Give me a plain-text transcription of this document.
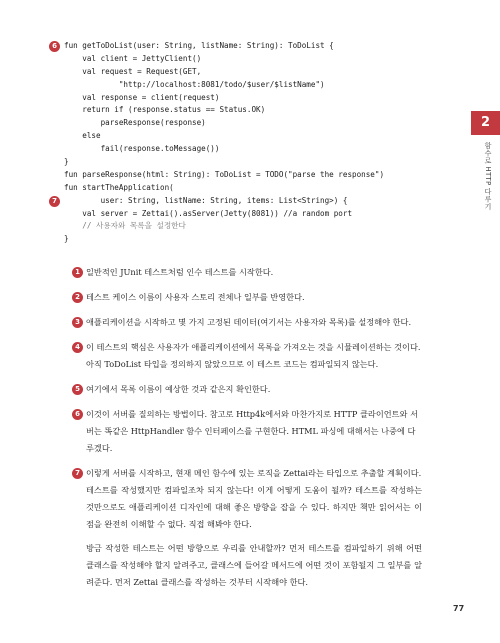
6
7
fun getToDoList(user: String, listName: String): ToDoList {
val client = JettyClient()
val request = Request(GET,
"http://localhost:8081/todo/$user/$listName")
val response = client(request)
return if (response.status == Status.OK)
parseResponse(response)
else
fail(response.toMessage())
}
fun parseResponse(html: String): ToDoList = TODO("parse the response")
fun startTheApplication(
user: String, listName: String, items: List<String>) {
val server = Zettai().asServer(Jetty(8081)) //a random port
// 사용자와 목록을 설정한다
}
2
함수로 HTTP 다루기
1 일반적인 JUnit 테스트처럼 인수 테스트를 시작한다.
2 테스트 케이스 이름이 사용자 스토리 전체나 일부를 반영한다.
3 애플리케이션을 시작하고 몇 가지 고정된 데이터(여기서는 사용자와 목록)를 설정해야 한다.
4 이 테스트의 핵심은 사용자가 애플리케이션에서 목록을 가져오는 것을 시뮬레이션하는 것이다. 아직 ToDoList 타입을 정의하지 않았으므로 이 테스트 코드는 컴파일되지 않는다.
5 여기에서 목록 이름이 예상한 것과 같은지 확인한다.
6 이것이 서버를 질의하는 방법이다. 참고로 Http4k에서와 마찬가지로 HTTP 클라이언트와 서버는 똑같은 HttpHandler 함수 인터페이스를 구현한다. HTML 파싱에 대해서는 나중에 다루겠다.
7 이렇게 서버를 시작하고, 현재 메인 함수에 있는 로직을 Zettai라는 타입으로 추출할 계획이다.

테스트를 작성했지만 컴파일조차 되지 않는다! 이게 어떻게 도움이 될까? 테스트를 작성하는 것만으로도 애플리케이션 디자인에 대해 좋은 방향을 잡을 수 있다. 하지만 책만 읽어서는 이 점을 완전히 이해할 수 없다. 직접 해봐야 한다.

방금 작성한 테스트는 어떤 방향으로 우리를 안내할까? 먼저 테스트를 컴파일하기 위해 어떤 클래스를 작성해야 할지 알려주고, 클래스에 들어갈 메서드에 어떤 것이 포함될지 그 일부를 알려준다. 먼저 Zettai 클래스를 작성하는 것부터 시작해야 한다.

77
